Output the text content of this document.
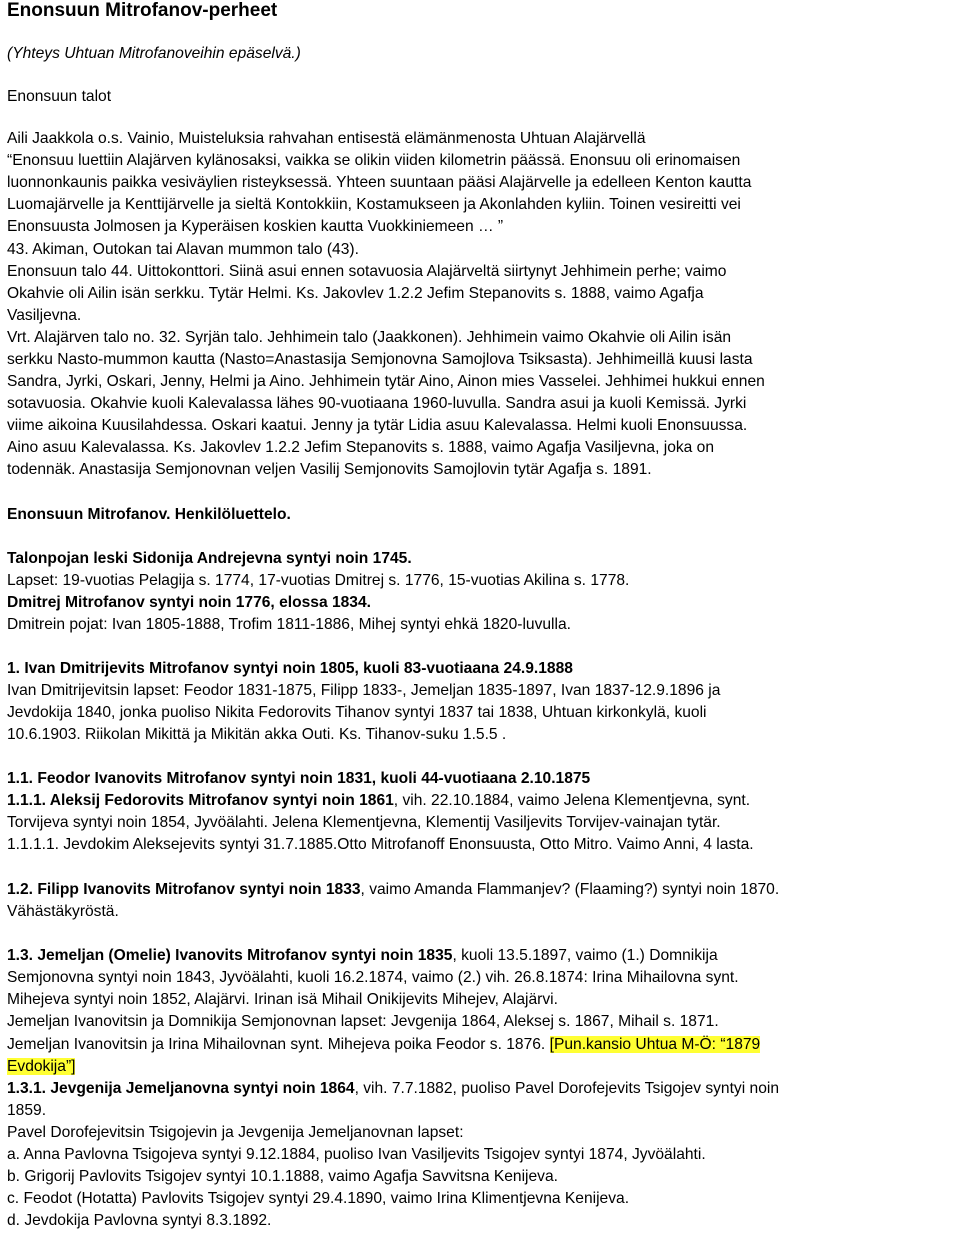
Enonsuun Mitrofanov-perheet

(Yhteys Uhtuan Mitrofanoveihin epäselvä.)

Enonsuun talot

Aili Jaakkola o.s. Vainio, Muisteluksia rahvahan entisestä elämänmenosta Uhtuan Alajärvellä

“Enonsuu luettiin Alajärven kylänosaksi, vaikka se olikin viiden kilometrin päässä. Enonsuu oli erinomaisen

luonnonkaunis paikka vesiväylien risteyksessä. Yhteen suuntaan pääsi Alajärvelle ja edelleen Kenton kautta

Luomajärvelle ja Kenttijärvelle ja sieltä Kontokkiin, Kostamukseen ja Akonlahden kyliin. Toinen vesireitti vei

Enonsuusta Jolmosen ja Kyperäisen koskien kautta Vuokkiniemeen … ”

43. Akiman, Outokan tai Alavan mummon talo (43).

Enonsuun talo 44. Uittokonttori. Siinä asui ennen sotavuosia Alajärveltä siirtynyt Jehhimein perhe; vaimo

Okahvie oli Ailin isän serkku. Tytär Helmi. Ks. Jakovlev 1.2.2 Jefim Stepanovits s. 1888, vaimo Agafja

Vasiljevna.

Vrt. Alajärven talo no. 32. Syrjän talo. Jehhimein talo (Jaakkonen). Jehhimein vaimo Okahvie oli Ailin isän

serkku Nasto-mummon kautta (Nasto=Anastasija Semjonovna Samojlova Tsiksasta). Jehhimeillä kuusi lasta

Sandra, Jyrki, Oskari, Jenny, Helmi ja Aino. Jehhimein tytär Aino, Ainon mies Vasselei. Jehhimei hukkui ennen

sotavuosia. Okahvie kuoli Kalevalassa lähes 90-vuotiaana 1960-luvulla. Sandra asui ja kuoli Kemissä. Jyrki

viime aikoina Kuusilahdessa. Oskari kaatui. Jenny ja tytär Lidia asuu Kalevalassa. Helmi kuoli Enonsuussa.

Aino asuu Kalevalassa. Ks. Jakovlev 1.2.2 Jefim Stepanovits s. 1888, vaimo Agafja Vasiljevna, joka on

todennäk. Anastasija Semjonovnan veljen Vasilij Semjonovits Samojlovin tytär Agafja s. 1891.

Enonsuun Mitrofanov. Henkilöluettelo.

Talonpojan leski Sidonija Andrejevna syntyi noin 1745.

Lapset: 19-vuotias Pelagija s. 1774, 17-vuotias Dmitrej s. 1776, 15-vuotias Akilina s. 1778.

Dmitrej Mitrofanov syntyi noin 1776, elossa 1834.

Dmitrein pojat: Ivan 1805-1888, Trofim 1811-1886, Mihej syntyi ehkä 1820-luvulla.

1. Ivan Dmitrijevits Mitrofanov syntyi noin 1805, kuoli 83-vuotiaana 24.9.1888

Ivan Dmitrijevitsin lapset: Feodor 1831-1875, Filipp 1833-, Jemeljan 1835-1897, Ivan 1837-12.9.1896 ja

Jevdokija 1840, jonka puoliso Nikita Fedorovits Tihanov syntyi 1837 tai 1838, Uhtuan kirkonkylä, kuoli

10.6.1903. Riikolan Mikittä ja Mikitän akka Outi. Ks. Tihanov-suku 1.5.5 .

1.1. Feodor Ivanovits Mitrofanov syntyi noin 1831, kuoli 44-vuotiaana 2.10.1875

1.1.1. Aleksij Fedorovits Mitrofanov syntyi noin 1861, vih. 22.10.1884, vaimo Jelena Klementjevna, synt.

Torvijeva syntyi noin 1854, Jyvöälahti. Jelena Klementjevna, Klementij Vasiljevits Torvijev-vainajan tytär.

1.1.1.1. Jevdokim Aleksejevits syntyi 31.7.1885.Otto Mitrofanoff Enonsuusta, Otto Mitro. Vaimo Anni, 4 lasta.

1.2. Filipp Ivanovits Mitrofanov syntyi noin 1833, vaimo Amanda Flammanjev? (Flaaming?) syntyi noin 1870.

Vähästäkyröstä.

1.3. Jemeljan (Omelie) Ivanovits Mitrofanov syntyi noin 1835, kuoli 13.5.1897, vaimo (1.) Domnikija

Semjonovna syntyi noin 1843, Jyvöälahti, kuoli 16.2.1874, vaimo (2.) vih. 26.8.1874: Irina Mihailovna synt.

Mihejeva syntyi noin 1852, Alajärvi. Irinan isä Mihail Onikijevits Mihejev, Alajärvi.

Jemeljan Ivanovitsin ja Domnikija Semjonovnan lapset: Jevgenija 1864, Aleksej s. 1867, Mihail s. 1871.

Jemeljan Ivanovitsin ja Irina Mihailovnan synt. Mihejeva poika Feodor s. 1876. [Pun.kansio Uhtua M-Ö: “1879

Evdokija”]

1.3.1. Jevgenija Jemeljanovna syntyi noin 1864, vih. 7.7.1882, puoliso Pavel Dorofejevits Tsigojev syntyi noin

1859.

Pavel Dorofejevitsin Tsigojevin ja Jevgenija Jemeljanovnan lapset:

a. Anna Pavlovna Tsigojeva syntyi 9.12.1884, puoliso Ivan Vasiljevits Tsigojev syntyi 1874, Jyvöälahti.

b. Grigorij Pavlovits Tsigojev syntyi 10.1.1888, vaimo Agafja Savvitsna Kenijeva.

c. Feodot (Hotatta) Pavlovits Tsigojev syntyi 29.4.1890, vaimo Irina Klimentjevna Kenijeva.

d. Jevdokija Pavlovna syntyi 8.3.1892.
